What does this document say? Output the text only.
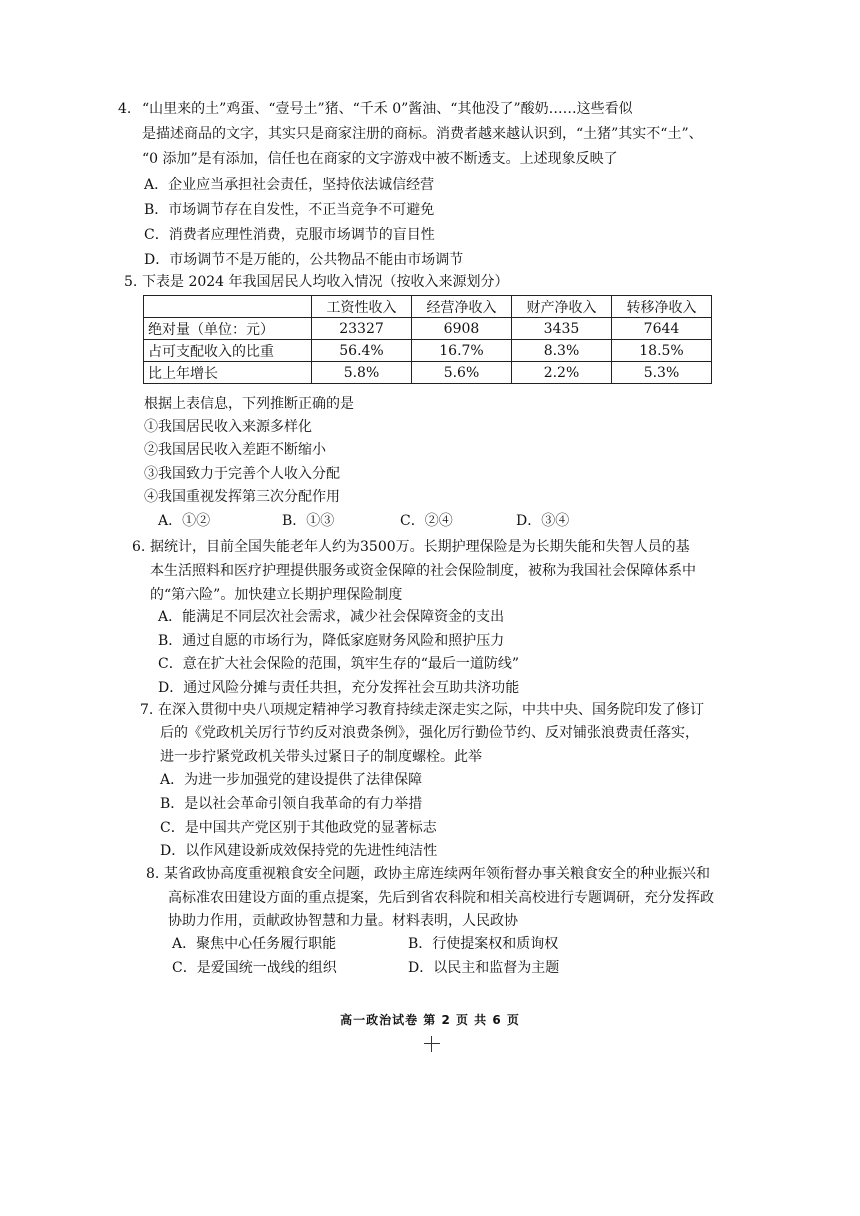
4. “山里来的土”鸡蛋、“壹号土”猪、“千禾 0”酱油、“其他没了”酸奶……这些看似
是描述商品的文字，其实只是商家注册的商标。消费者越来越认识到，“土猪”其实不“土”、
“0 添加”是有添加，信任也在商家的文字游戏中被不断透支。上述现象反映了
A．企业应当承担社会责任，坚持依法诚信经营
B．市场调节存在自发性，不正当竞争不可避免
C．消费者应理性消费，克服市场调节的盲目性
D．市场调节不是万能的，公共物品不能由市场调节
5. 下表是 2024 年我国居民人均收入情况（按收入来源划分）
	工资性收入	经营净收入	财产净收入	转移净收入
绝对量（单位：元）	23327	6908	3435	7644
占可支配收入的比重	56.4%	16.7%	8.3%	18.5%
比上年增长	5.8%	5.6%	2.2%	5.3%
根据上表信息，下列推断正确的是
①我国居民收入来源多样化
②我国居民收入差距不断缩小
③我国致力于完善个人收入分配
④我国重视发挥第三次分配作用
A．①②	B．①③	C．②④	D．③④
6. 据统计，目前全国失能老年人约为3500万。长期护理保险是为长期失能和失智人员的基
本生活照料和医疗护理提供服务或资金保障的社会保险制度，被称为我国社会保障体系中
的“第六险”。加快建立长期护理保险制度
A．能满足不同层次社会需求，减少社会保障资金的支出
B．通过自愿的市场行为，降低家庭财务风险和照护压力
C．意在扩大社会保险的范围，筑牢生存的“最后一道防线”
D．通过风险分摊与责任共担，充分发挥社会互助共济功能
7. 在深入贯彻中央八项规定精神学习教育持续走深走实之际，中共中央、国务院印发了修订
后的《党政机关厉行节约反对浪费条例》，强化厉行勤俭节约、反对铺张浪费责任落实，
进一步拧紧党政机关带头过紧日子的制度螺栓。此举
A．为进一步加强党的建设提供了法律保障
B．是以社会革命引领自我革命的有力举措
C．是中国共产党区别于其他政党的显著标志
D．以作风建设新成效保持党的先进性纯洁性
8. 某省政协高度重视粮食安全问题，政协主席连续两年领衔督办事关粮食安全的种业振兴和
高标准农田建设方面的重点提案，先后到省农科院和相关高校进行专题调研，充分发挥政
协助力作用，贡献政协智慧和力量。材料表明，人民政协
A．聚焦中心任务履行职能	B．行使提案权和质询权
C．是爱国统一战线的组织	D．以民主和监督为主题
高一政治试卷 第 2 页 共 6 页
